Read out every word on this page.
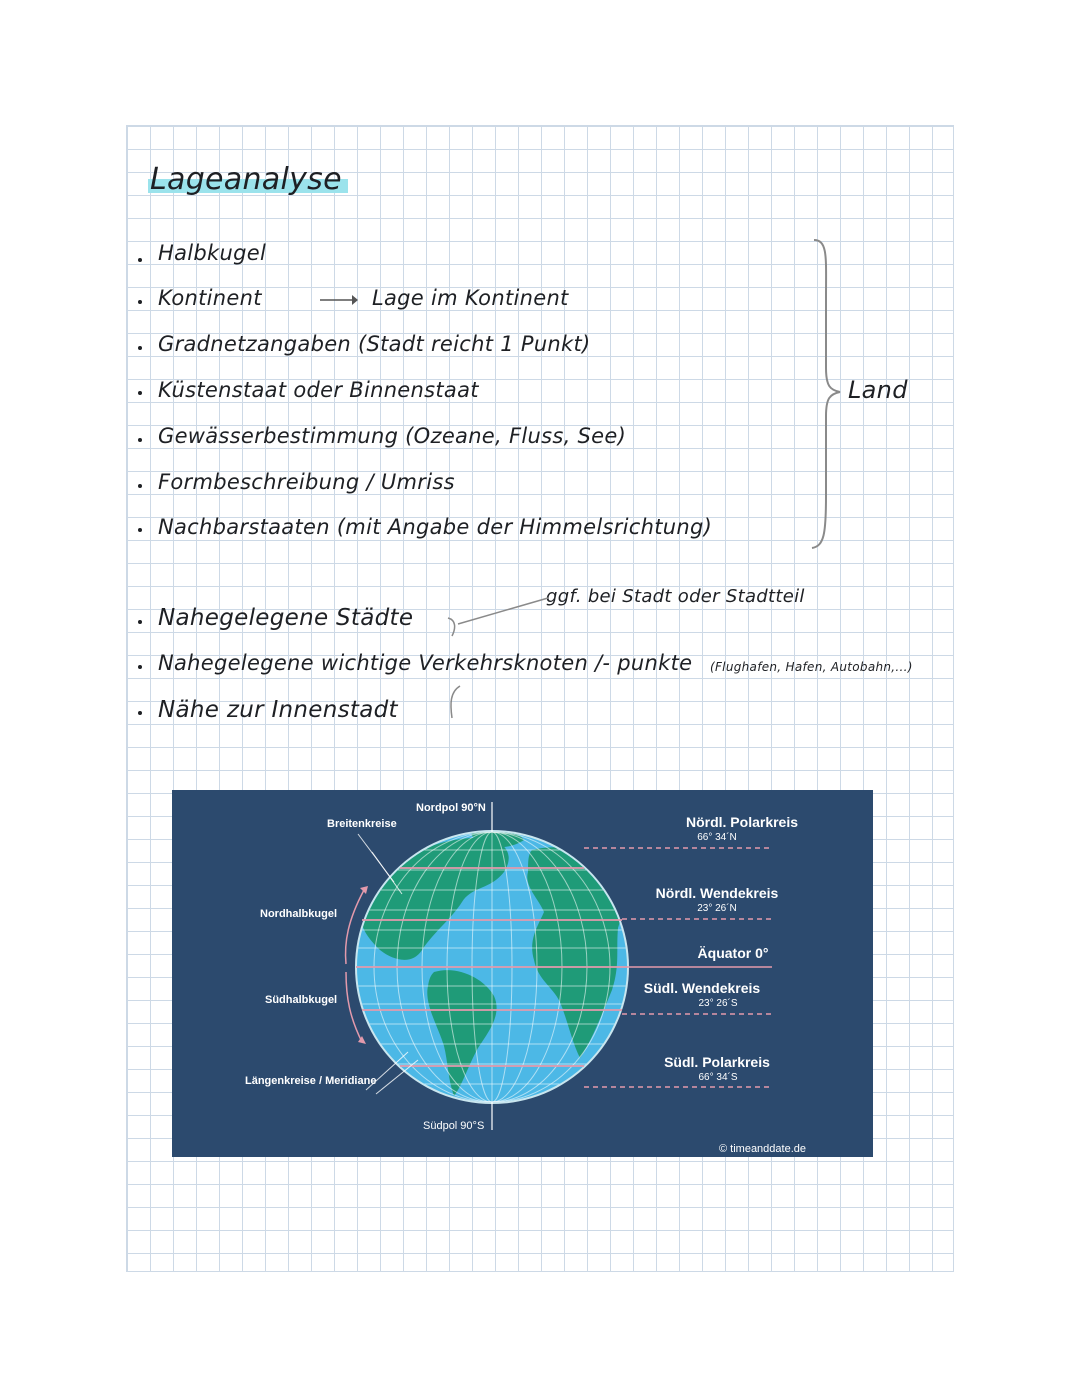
Lageanalyse
Halbkugel
Kontinent	Lage im Kontinent
Gradnetzangaben (Stadt reicht 1 Punkt)
Küstenstaat oder Binnenstaat
Gewässerbestimmung (Ozeane, Fluss, See)
Formbeschreibung / Umriss
Nachbarstaaten (mit Angabe der Himmelsrichtung)
Land
ggf. bei Stadt oder Stadtteil
Nahegelegene Städte
Nahegelegene wichtige Verkehrsknoten /- punkte (Flughafen, Hafen, Autobahn,...)
Nähe zur Innenstadt
Breitenkreise
Nordhalbkugel
Südhalbkugel
Längenkreise / Meridiane
Nordpol 90°N
Südpol 90°S
Nördl. Polarkreis
66° 34´N
Nördl. Wendekreis
23° 26´N
Äquator 0°
Südl. Wendekreis
23° 26´S
Südl. Polarkreis
66° 34´S
© timeanddate.de
